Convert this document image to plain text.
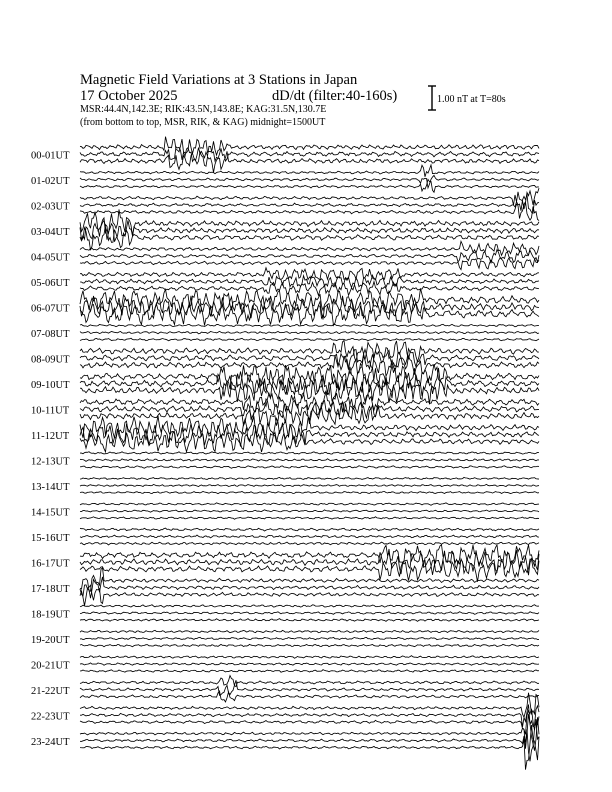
Magnetic Field Variations at 3 Stations in Japan
17 October 2025	dD/dt (filter:40-160s)
MSR:44.4N,142.3E; RIK:43.5N,143.8E; KAG:31.5N,130.7E
(from bottom to top, MSR, RIK, & KAG) midnight=1500UT
1.00 nT at T=80s
00-01UT
01-02UT
02-03UT
03-04UT
04-05UT
05-06UT
06-07UT
07-08UT
08-09UT
09-10UT
10-11UT
11-12UT
12-13UT
13-14UT
14-15UT
15-16UT
16-17UT
17-18UT
18-19UT
19-20UT
20-21UT
21-22UT
22-23UT
23-24UT
